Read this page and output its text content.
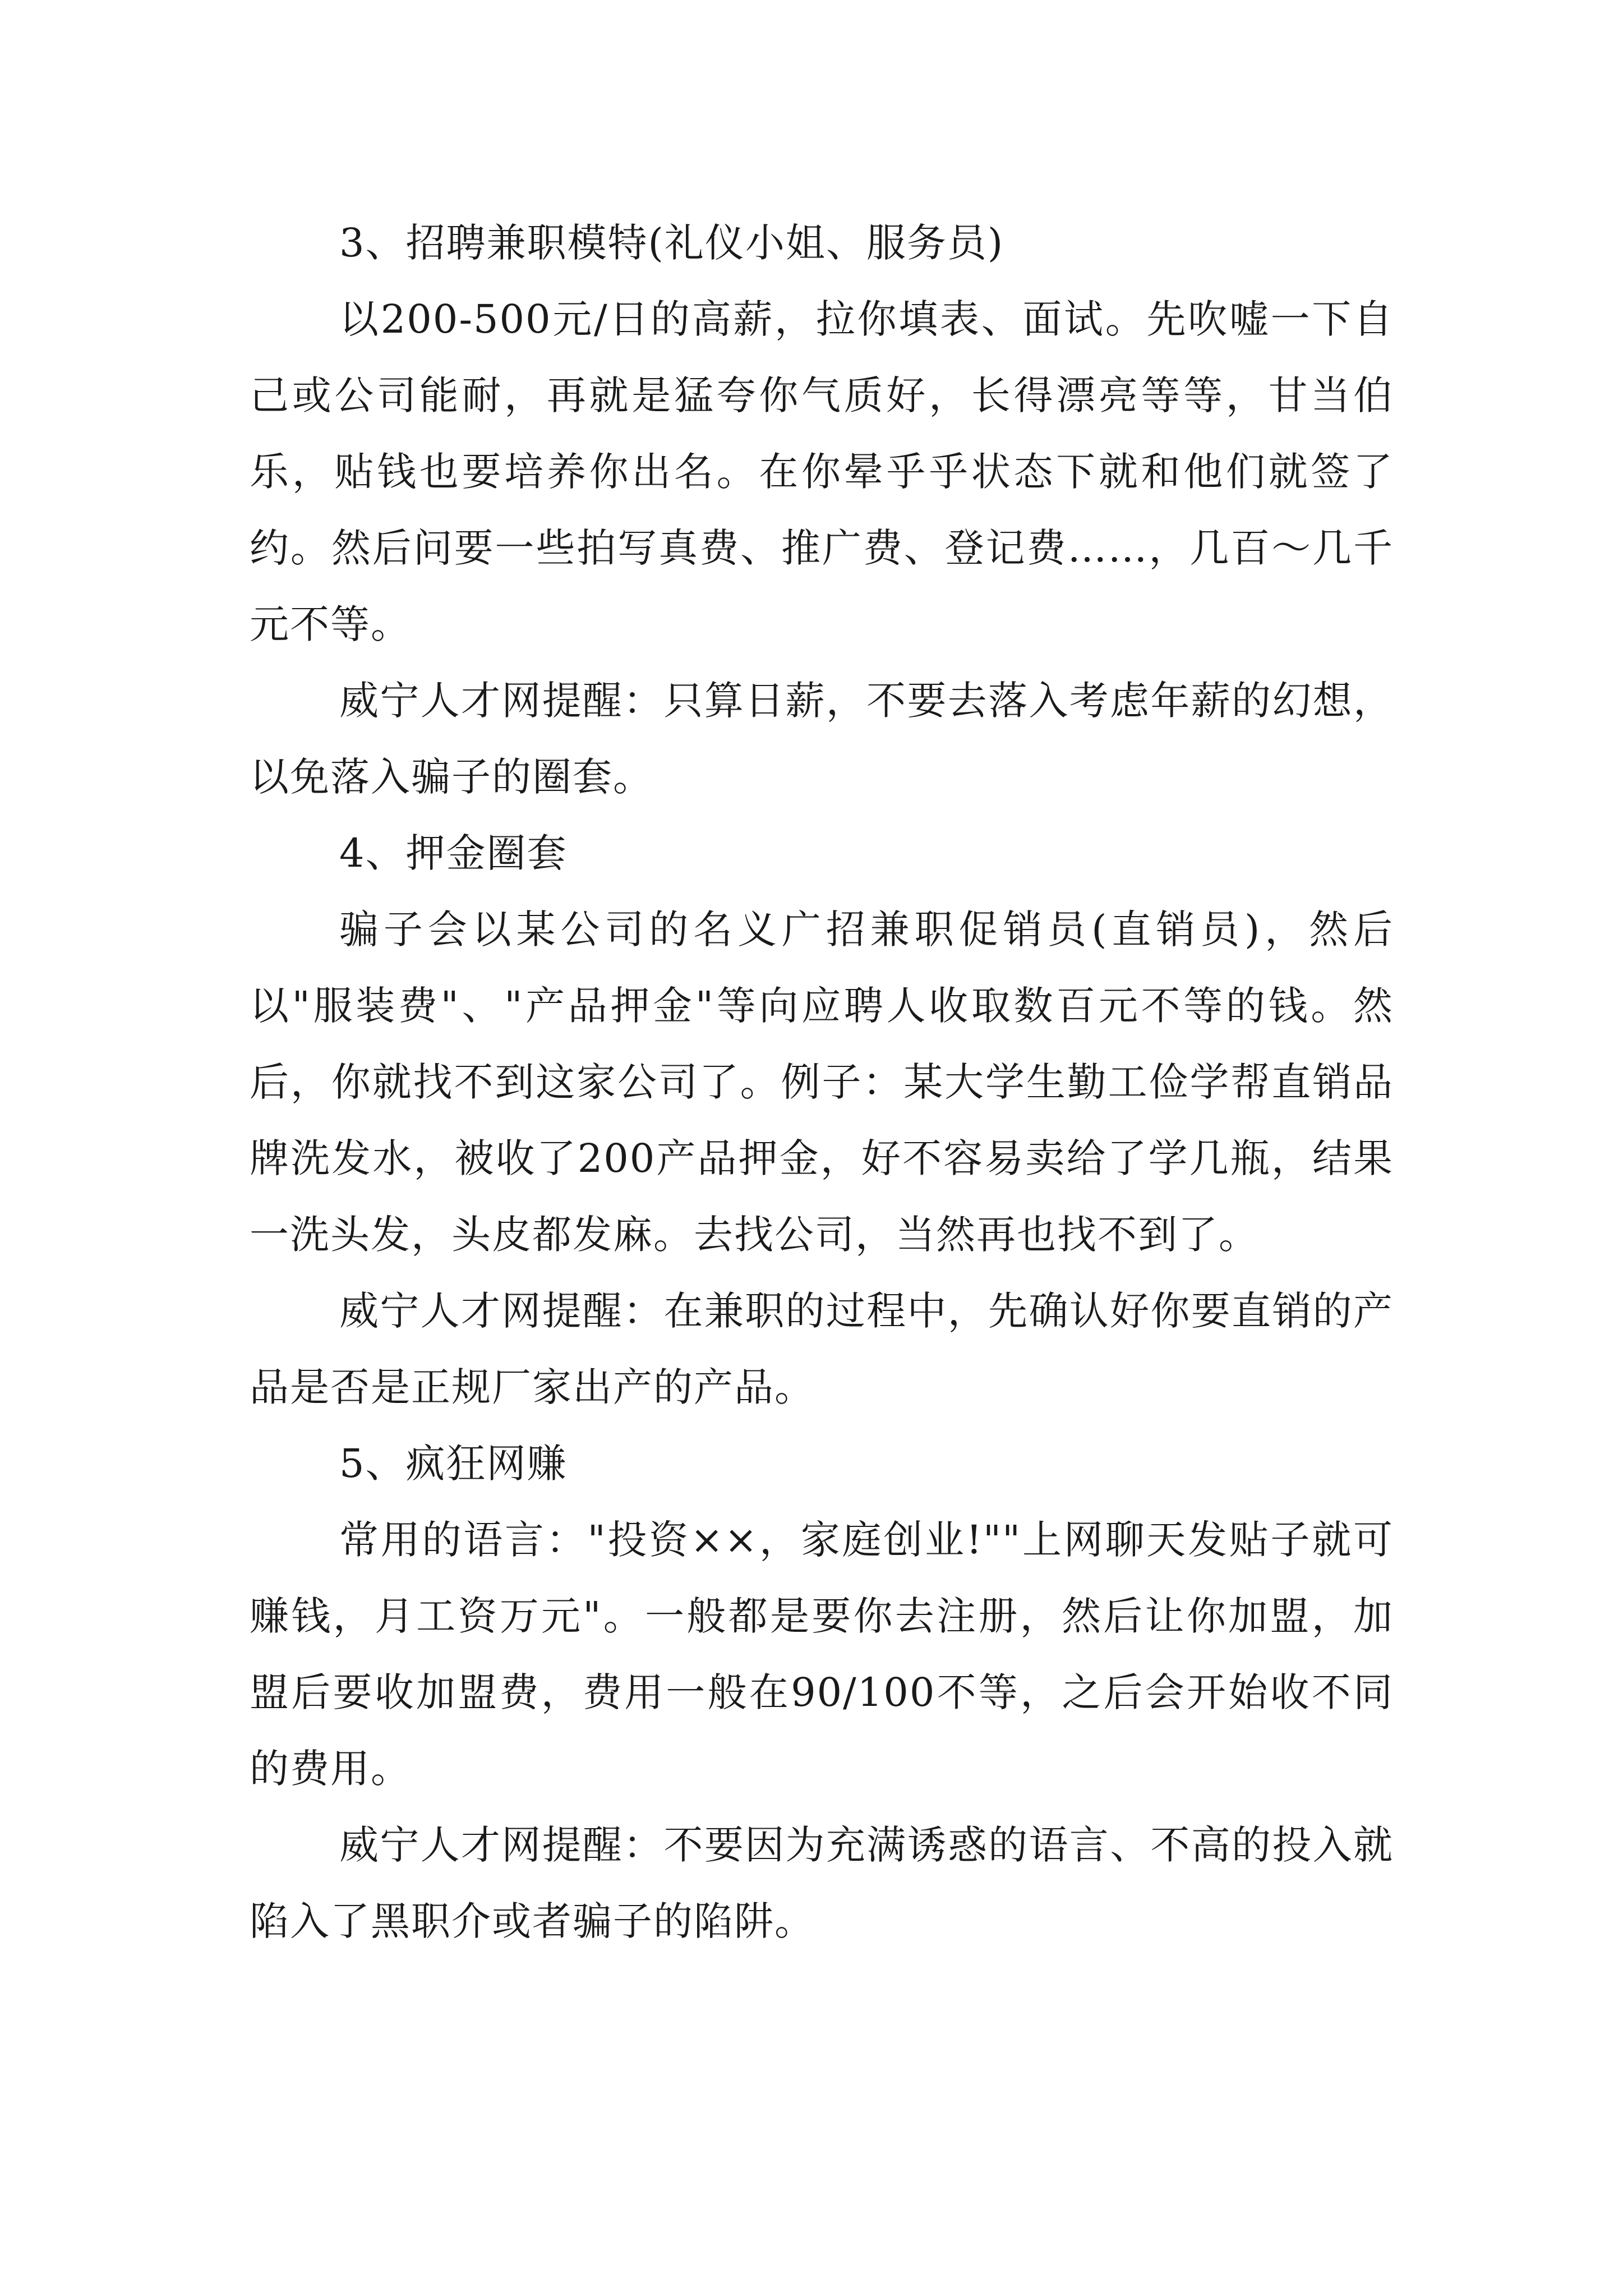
3、招聘兼职模特(礼仪小姐、服务员)

以200-500元/日的高薪，拉你填表、面试。先吹嘘一下自己或公司能耐，再就是猛夸你气质好，长得漂亮等等，甘当伯乐，贴钱也要培养你出名。在你晕乎乎状态下就和他们就签了约。然后问要一些拍写真费、推广费、登记费……，几百～几千元不等。

威宁人才网提醒：只算日薪，不要去落入考虑年薪的幻想，以免落入骗子的圈套。

4、押金圈套

骗子会以某公司的名义广招兼职促销员(直销员)，然后以"服装费"、"产品押金"等向应聘人收取数百元不等的钱。然后，你就找不到这家公司了。例子：某大学生勤工俭学帮直销品牌洗发水，被收了200产品押金，好不容易卖给了学几瓶，结果一洗头发，头皮都发麻。去找公司，当然再也找不到了。

威宁人才网提醒：在兼职的过程中，先确认好你要直销的产品是否是正规厂家出产的产品。

5、疯狂网赚

常用的语言："投资××，家庭创业!""上网聊天发贴子就可赚钱，月工资万元"。一般都是要你去注册，然后让你加盟，加盟后要收加盟费，费用一般在90/100不等，之后会开始收不同的费用。

威宁人才网提醒：不要因为充满诱惑的语言、不高的投入就陷入了黑职介或者骗子的陷阱。
